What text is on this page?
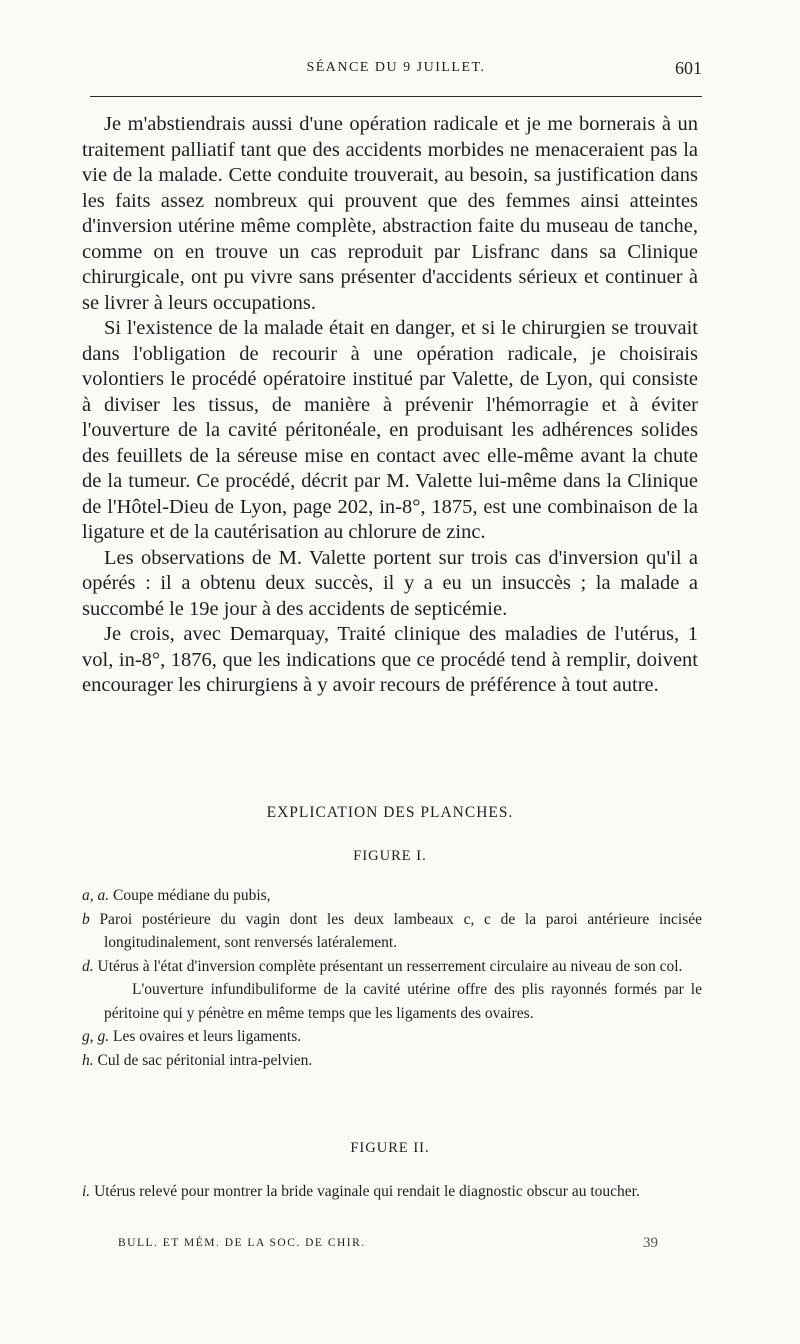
SÉANCE DU 9 JUILLET.	601

Je m'abstiendrais aussi d'une opération radicale et je me bornerais à un traitement palliatif tant que des accidents morbides ne menaceraient pas la vie de la malade. Cette conduite trouverait, au besoin, sa justification dans les faits assez nombreux qui prouvent que des femmes ainsi atteintes d'inversion utérine même complète, abstraction faite du museau de tanche, comme on en trouve un cas reproduit par Lisfranc dans sa Clinique chirurgicale, ont pu vivre sans présenter d'accidents sérieux et continuer à se livrer à leurs occupations.

Si l'existence de la malade était en danger, et si le chirurgien se trouvait dans l'obligation de recourir à une opération radicale, je choisirais volontiers le procédé opératoire institué par Valette, de Lyon, qui consiste à diviser les tissus, de manière à prévenir l'hémorragie et à éviter l'ouverture de la cavité péritonéale, en produisant les adhérences solides des feuillets de la séreuse mise en contact avec elle-même avant la chute de la tumeur. Ce procédé, décrit par M. Valette lui-même dans la Clinique de l'Hôtel-Dieu de Lyon, page 202, in-8°, 1875, est une combinaison de la ligature et de la cautérisation au chlorure de zinc.

Les observations de M. Valette portent sur trois cas d'inversion qu'il a opérés : il a obtenu deux succès, il y a eu un insuccès ; la malade a succombé le 19e jour à des accidents de septicémie.

Je crois, avec Demarquay, Traité clinique des maladies de l'utérus, 1 vol, in-8°, 1876, que les indications que ce procédé tend à remplir, doivent encourager les chirurgiens à y avoir recours de préférence à tout autre.

EXPLICATION DES PLANCHES.
FIGURE I.

a, a. Coupe médiane du pubis,

b Paroi postérieure du vagin dont les deux lambeaux c, c de la paroi antérieure incisée longitudinalement, sont renversés latéralement.

d. Utérus à l'état d'inversion complète présentant un resserrement circulaire au niveau de son col.

L'ouverture infundibuliforme de la cavité utérine offre des plis rayonnés formés par le péritoine qui y pénètre en même temps que les ligaments des ovaires.

g, g. Les ovaires et leurs ligaments.

h. Cul de sac péritonial intra-pelvien.

FIGURE II.

i. Utérus relevé pour montrer la bride vaginale qui rendait le diagnostic obscur au toucher.

BULL. ET MÉM. DE LA SOC. DE CHIR.	39
